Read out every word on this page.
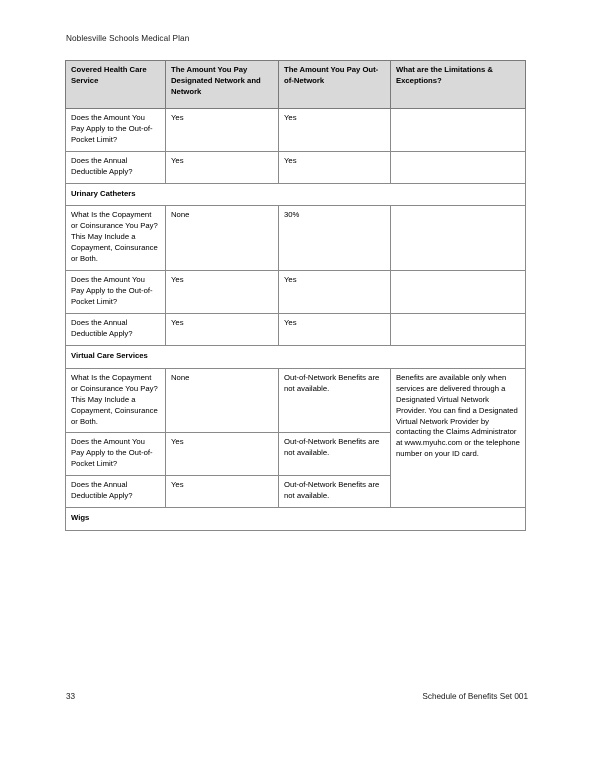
Noblesville Schools Medical Plan
Covered Health Care Service	The Amount You Pay Designated Network and Network	The Amount You Pay Out-of-Network	What are the Limitations & Exceptions?
Does the Amount You Pay Apply to the Out-of-Pocket Limit?	Yes	Yes	
Does the Annual Deductible Apply?	Yes	Yes	
Urinary Catheters			
What Is the Copayment or Coinsurance You Pay? This May Include a Copayment, Coinsurance or Both.	None	30%	
Does the Amount You Pay Apply to the Out-of-Pocket Limit?	Yes	Yes	
Does the Annual Deductible Apply?	Yes	Yes	
Virtual Care Services			
What Is the Copayment or Coinsurance You Pay? This May Include a Copayment, Coinsurance or Both.	None	Out-of-Network Benefits are not available.	Benefits are available only when services are delivered through a Designated Virtual Network Provider. You can find a Designated Virtual Network Provider by contacting the Claims Administrator at www.myuhc.com or the telephone number on your ID card.
Does the Amount You Pay Apply to the Out-of-Pocket Limit?	Yes	Out-of-Network Benefits are not available.	
Does the Annual Deductible Apply?	Yes	Out-of-Network Benefits are not available.	
Wigs			
33	Schedule of Benefits Set 001
